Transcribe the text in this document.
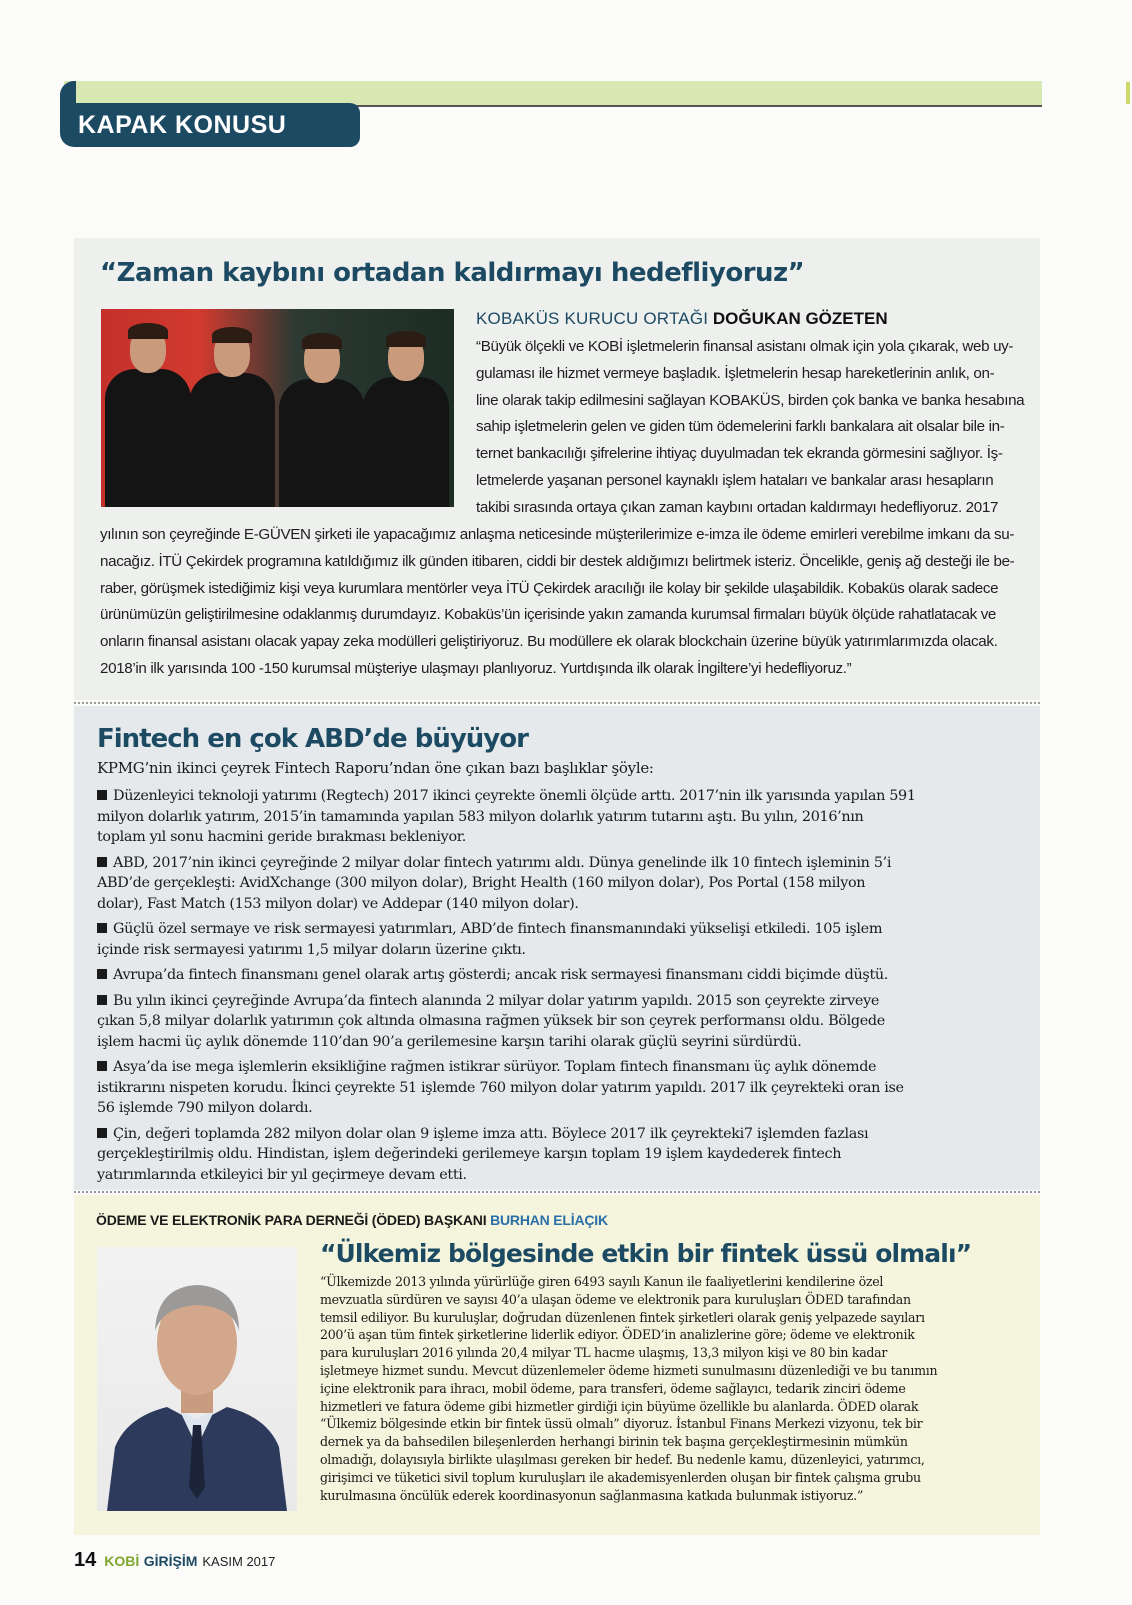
KAPAK KONUSU
“Zaman kaybını ortadan kaldırmayı hedefliyoruz”
KOBAKÜS KURUCU ORTAĞI DOĞUKAN GÖZETEN
“Büyük ölçekli ve KOBİ işletmelerin finansal asistanı olmak için yola çıkarak, web uy-
gulaması ile hizmet vermeye başladık. İşletmelerin hesap hareketlerinin anlık, on-
line olarak takip edilmesini sağlayan KOBAKÜS, birden çok banka ve banka hesabına
sahip işletmelerin gelen ve giden tüm ödemelerini farklı bankalara ait olsalar bile in-
ternet bankacılığı şifrelerine ihtiyaç duyulmadan tek ekranda görmesini sağlıyor. İş-
letmelerde yaşanan personel kaynaklı işlem hataları ve bankalar arası hesapların
takibi sırasında ortaya çıkan zaman kaybını ortadan kaldırmayı hedefliyoruz. 2017
yılının son çeyreğinde E-GÜVEN şirketi ile yapacağımız anlaşma neticesinde müşterilerimize e-imza ile ödeme emirleri verebilme imkanı da su-
nacağız. İTÜ Çekirdek programına katıldığımız ilk günden itibaren, ciddi bir destek aldığımızı belirtmek isteriz. Öncelikle, geniş ağ desteği ile be-
raber, görüşmek istediğimiz kişi veya kurumlara mentörler veya İTÜ Çekirdek aracılığı ile kolay bir şekilde ulaşabildik. Kobaküs olarak sadece
ürünümüzün geliştirilmesine odaklanmış durumdayız. Kobaküs’ün içerisinde yakın zamanda kurumsal firmaları büyük ölçüde rahatlatacak ve
onların finansal asistanı olacak yapay zeka modülleri geliştiriyoruz. Bu modüllere ek olarak blockchain üzerine büyük yatırımlarımızda olacak.
2018’in ilk yarısında 100 -150 kurumsal müşteriye ulaşmayı planlıyoruz. Yurtdışında ilk olarak İngiltere’yi hedefliyoruz.”
Fintech en çok ABD’de büyüyor
KPMG’nin ikinci çeyrek Fintech Raporu’ndan öne çıkan bazı başlıklar şöyle:

Düzenleyici teknoloji yatırımı (Regtech) 2017 ikinci çeyrekte önemli ölçüde arttı. 2017’nin ilk yarısında yapılan 591
milyon dolarlık yatırım, 2015’in tamamında yapılan 583 milyon dolarlık yatırım tutarını aştı. Bu yılın, 2016’nın
toplam yıl sonu hacmini geride bırakması bekleniyor.

ABD, 2017’nin ikinci çeyreğinde 2 milyar dolar fintech yatırımı aldı. Dünya genelinde ilk 10 fintech işleminin 5’i
ABD’de gerçekleşti: AvidXchange (300 milyon dolar), Bright Health (160 milyon dolar), Pos Portal (158 milyon
dolar), Fast Match (153 milyon dolar) ve Addepar (140 milyon dolar).

Güçlü özel sermaye ve risk sermayesi yatırımları, ABD’de fintech finansmanındaki yükselişi etkiledi. 105 işlem
içinde risk sermayesi yatırımı 1,5 milyar doların üzerine çıktı.

Avrupa’da fintech finansmanı genel olarak artış gösterdi; ancak risk sermayesi finansmanı ciddi biçimde düştü.

Bu yılın ikinci çeyreğinde Avrupa’da fintech alanında 2 milyar dolar yatırım yapıldı. 2015 son çeyrekte zirveye
çıkan 5,8 milyar dolarlık yatırımın çok altında olmasına rağmen yüksek bir son çeyrek performansı oldu. Bölgede
işlem hacmi üç aylık dönemde 110’dan 90’a gerilemesine karşın tarihi olarak güçlü seyrini sürdürdü.

Asya’da ise mega işlemlerin eksikliğine rağmen istikrar sürüyor. Toplam fintech finansmanı üç aylık dönemde
istikrarını nispeten korudu. İkinci çeyrekte 51 işlemde 760 milyon dolar yatırım yapıldı. 2017 ilk çeyrekteki oran ise
56 işlemde 790 milyon dolardı.

Çin, değeri toplamda 282 milyon dolar olan 9 işleme imza attı. Böylece 2017 ilk çeyrekteki7 işlemden fazlası
gerçekleştirilmiş oldu. Hindistan, işlem değerindeki gerilemeye karşın toplam 19 işlem kaydederek fintech
yatırımlarında etkileyici bir yıl geçirmeye devam etti.

ÖDEME VE ELEKTRONİK PARA DERNEĞİ (ÖDED) BAŞKANI BURHAN ELİAÇIK
“Ülkemiz bölgesinde etkin bir fintek üssü olmalı”
“Ülkemizde 2013 yılında yürürlüğe giren 6493 sayılı Kanun ile faaliyetlerini kendilerine özel
mevzuatla sürdüren ve sayısı 40’a ulaşan ödeme ve elektronik para kuruluşları ÖDED tarafından
temsil ediliyor. Bu kuruluşlar, doğrudan düzenlenen fintek şirketleri olarak geniş yelpazede sayıları
200’ü aşan tüm fintek şirketlerine liderlik ediyor. ÖDED’in analizlerine göre; ödeme ve elektronik
para kuruluşları 2016 yılında 20,4 milyar TL hacme ulaşmış, 13,3 milyon kişi ve 80 bin kadar
işletmeye hizmet sundu. Mevcut düzenlemeler ödeme hizmeti sunulmasını düzenlediği ve bu tanımın
içine elektronik para ihracı, mobil ödeme, para transferi, ödeme sağlayıcı, tedarik zinciri ödeme
hizmetleri ve fatura ödeme gibi hizmetler girdiği için büyüme özellikle bu alanlarda. ÖDED olarak
“Ülkemiz bölgesinde etkin bir fintek üssü olmalı” diyoruz. İstanbul Finans Merkezi vizyonu, tek bir
dernek ya da bahsedilen bileşenlerden herhangi birinin tek başına gerçekleştirmesinin mümkün
olmadığı, dolayısıyla birlikte ulaşılması gereken bir hedef. Bu nedenle kamu, düzenleyici, yatırımcı,
girişimci ve tüketici sivil toplum kuruluşları ile akademisyenlerden oluşan bir fintek çalışma grubu
kurulmasına öncülük ederek koordinasyonun sağlanmasına katkıda bulunmak istiyoruz.”
14 KOBİ GİRİŞİM KASIM 2017
